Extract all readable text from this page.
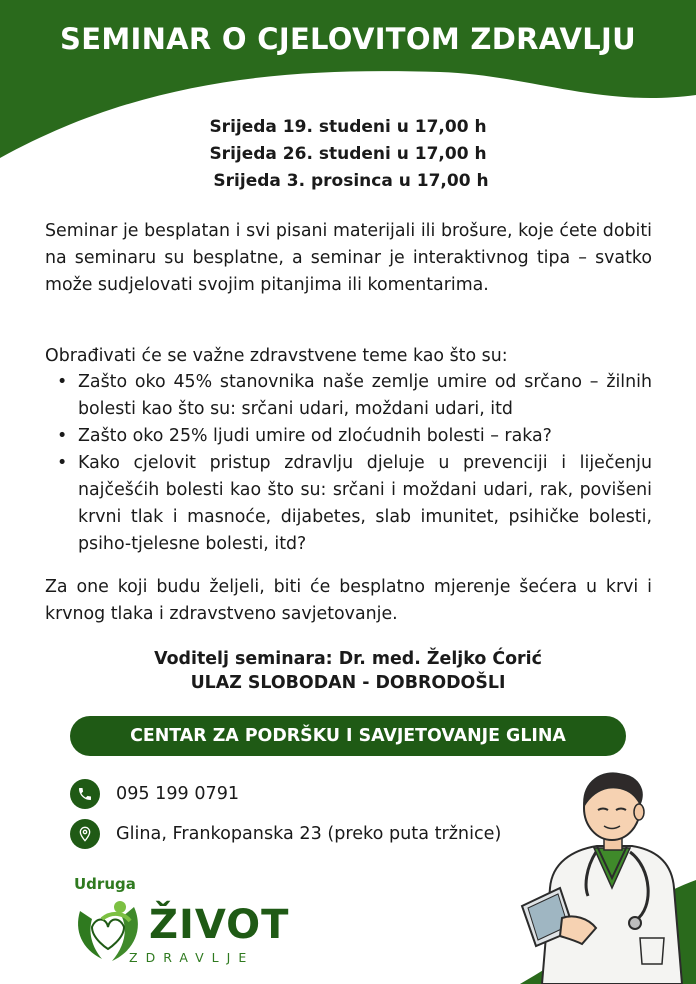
SEMINAR O CJELOVITOM ZDRAVLJU
Srijeda 19. studeni u 17,00 h
Srijeda 26. studeni u 17,00 h
Srijeda 3. prosinca u 17,00 h
Seminar je besplatan i svi pisani materijali ili brošure, koje ćete dobiti na seminaru su besplatne, a seminar je interaktivnog tipa – svatko može sudjelovati svojim pitanjima ili komentarima.
Obrađivati će se važne zdravstvene teme kao što su:
• Zašto oko 45% stanovnika naše zemlje umire od srčano – žilnih bolesti kao što su: srčani udari, moždani udari, itd
• Zašto oko 25% ljudi umire od zloćudnih bolesti – raka?
• Kako cjelovit pristup zdravlju djeluje u prevenciji i liječenju najčešćih bolesti kao što su: srčani i moždani udari, rak, povišeni krvni tlak i masnoće, dijabetes, slab imunitet, psihičke bolesti, psiho-tjelesne bolesti, itd?
Za one koji budu željeli, biti će besplatno mjerenje šećera u krvi i krvnog tlaka i zdravstveno savjetovanje.
Voditelj seminara: Dr. med. Željko Ćorić
ULAZ SLOBODAN - DOBRODOŠLI
CENTAR ZA PODRŠKU I SAVJETOVANJE GLINA
095 199 0791
Glina, Frankopanska 23 (preko puta tržnice)
Udruga
ŽIVOT
ZDRAVLJE
